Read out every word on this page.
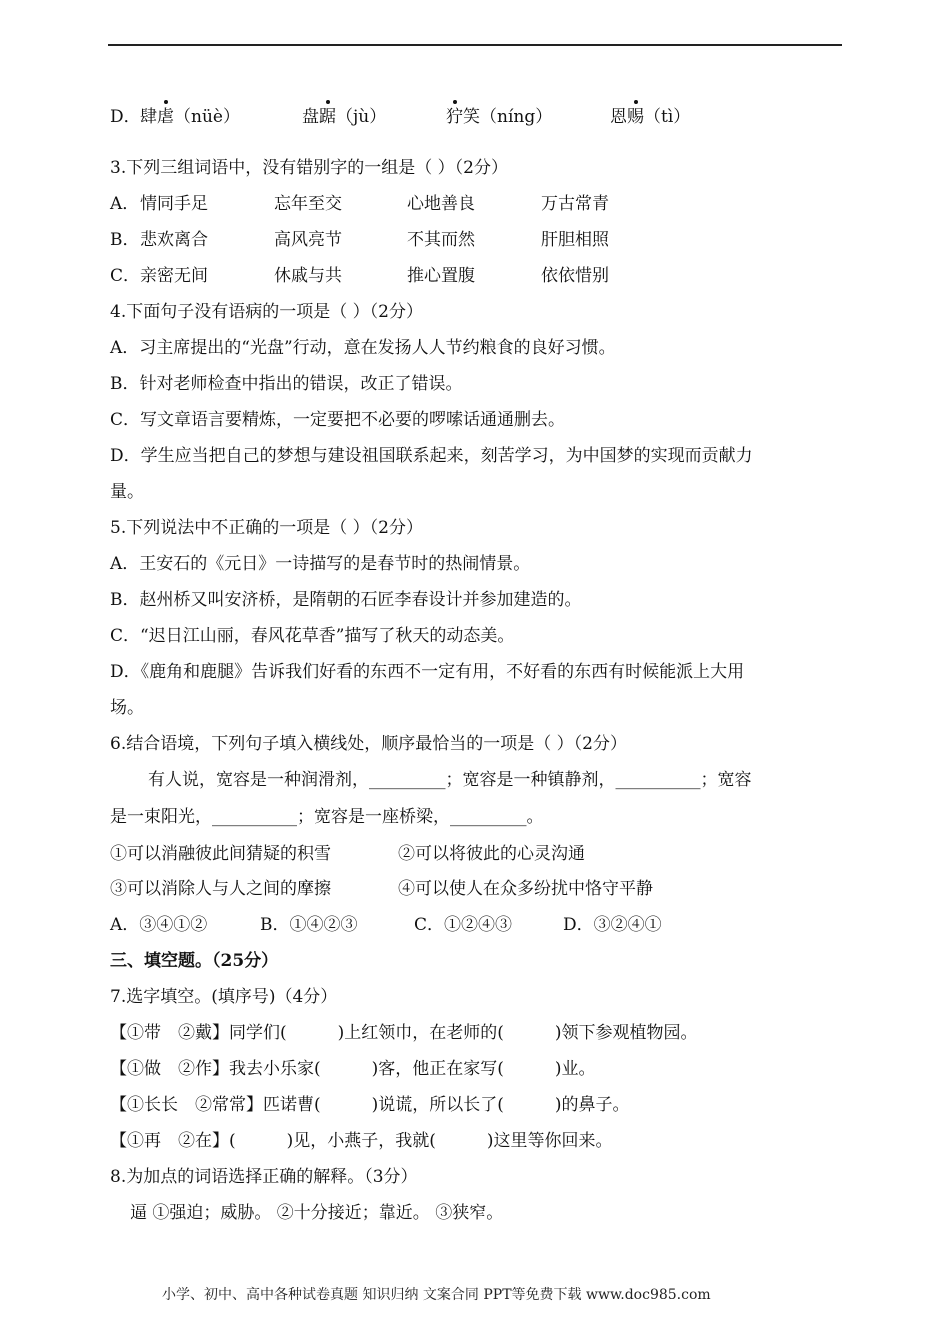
D． 肆虐（nüè）	盘踞（jù）	狞笑（níng）	恩赐（tì）
3.下列三组词语中，没有错别字的一组是（ ）（2分）
A． 情同手足	忘年至交	心地善良	万古常青
B． 悲欢离合	高风亮节	不其而然	肝胆相照
C． 亲密无间	休戚与共	推心置腹	依依惜别
4.下面句子没有语病的一项是（ ）（2分）
A．习主席提出的“光盘”行动，意在发扬人人节约粮食的良好习惯。
B．针对老师检查中指出的错误，改正了错误。
C．写文章语言要精炼，一定要把不必要的啰嗦话通通删去。
D．学生应当把自己的梦想与建设祖国联系起来，刻苦学习，为中国梦的实现而贡献力
量。
5.下列说法中不正确的一项是（ ）（2分）
A．王安石的《元日》一诗描写的是春节时的热闹情景。
B．赵州桥又叫安济桥，是隋朝的石匠李春设计并参加建造的。
C．“迟日江山丽，春风花草香”描写了秋天的动态美。
D．《鹿角和鹿腿》告诉我们好看的东西不一定有用，不好看的东西有时候能派上大用
场。
6.结合语境，下列句子填入横线处，顺序最恰当的一项是（ ）（2分）
有人说，宽容是一种润滑剂，_________；宽容是一种镇静剂，__________；宽容
是一束阳光，__________；宽容是一座桥梁，_________。
①可以消融彼此间猜疑的积雪	②可以将彼此的心灵沟通
③可以消除人与人之间的摩擦	④可以使人在众多纷扰中恪守平静
A．③④①②	B．①④②③	C．①②④③	D．③②④①
三、填空题。（25分）
7.选字填空。(填序号)（4分）
【①带　②戴】同学们(　　　)上红领巾，在老师的(　　　)领下参观植物园。
【①做　②作】我去小乐家(　　　)客，他正在家写(　　　)业。
【①长长　②常常】匹诺曹(　　　)说谎，所以长了(　　　)的鼻子。
【①再　②在】(　　　)见，小燕子，我就(　　　)这里等你回来。
8.为加点的词语选择正确的解释。（3分）
逼 ①强迫；威胁。 ②十分接近；靠近。 ③狭窄。
小学、初中、高中各种试卷真题 知识归纳 文案合同 PPT等免费下载 www.doc985.com
